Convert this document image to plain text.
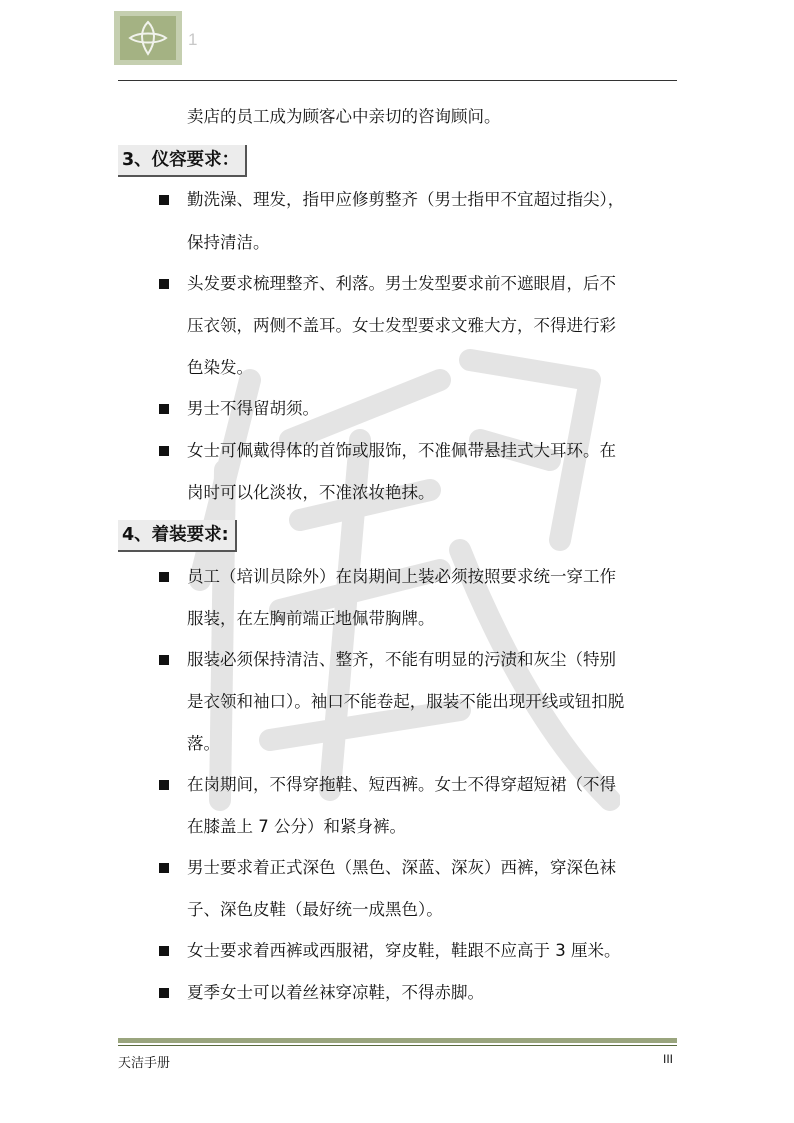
1
卖店的员工成为顾客心中亲切的咨询顾问。
3、仪容要求：
勤洗澡、理发，指甲应修剪整齐（男士指甲不宜超过指尖），
保持清洁。
头发要求梳理整齐、利落。男士发型要求前不遮眼眉，后不
压衣领，两侧不盖耳。女士发型要求文雅大方，不得进行彩
色染发。
男士不得留胡须。
女士可佩戴得体的首饰或服饰，不准佩带悬挂式大耳环。在
岗时可以化淡妆，不准浓妆艳抹。
4、着装要求:
员工（培训员除外）在岗期间上装必须按照要求统一穿工作
服装，在左胸前端正地佩带胸牌。
服装必须保持清洁、整齐，不能有明显的污渍和灰尘（特别
是衣领和袖口）。袖口不能卷起，服装不能出现开线或钮扣脱
落。
在岗期间，不得穿拖鞋、短西裤。女士不得穿超短裙（不得
在膝盖上 7 公分）和紧身裤。
男士要求着正式深色（黑色、深蓝、深灰）西裤，穿深色袜
子、深色皮鞋（最好统一成黑色）。
女士要求着西裤或西服裙，穿皮鞋，鞋跟不应高于 3 厘米。
夏季女士可以着丝袜穿凉鞋，不得赤脚。
天洁手册	III
